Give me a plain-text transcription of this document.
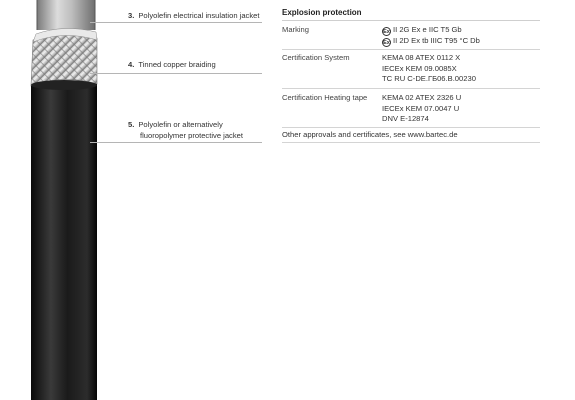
3. Polyolefin electrical insulation jacket
4. Tinned copper braiding
5. Polyolefin or alternatively
fluoropolymer protective jacket
Explosion protection
Marking	Ex II 2G Ex e IIC T5 Gb
Ex II 2D Ex tb IIIC T95 °C Db
Certification System	KEMA 08 ATEX 0112 X
IECEx KEM 09.0085X
TC RU C-DE.ГБ06.B.00230
Certification Heating tape KEMA 02 ATEX 2326 U
IECEx KEM 07.0047 U
DNV E-12874
Other approvals and certificates, see www.bartec.de
